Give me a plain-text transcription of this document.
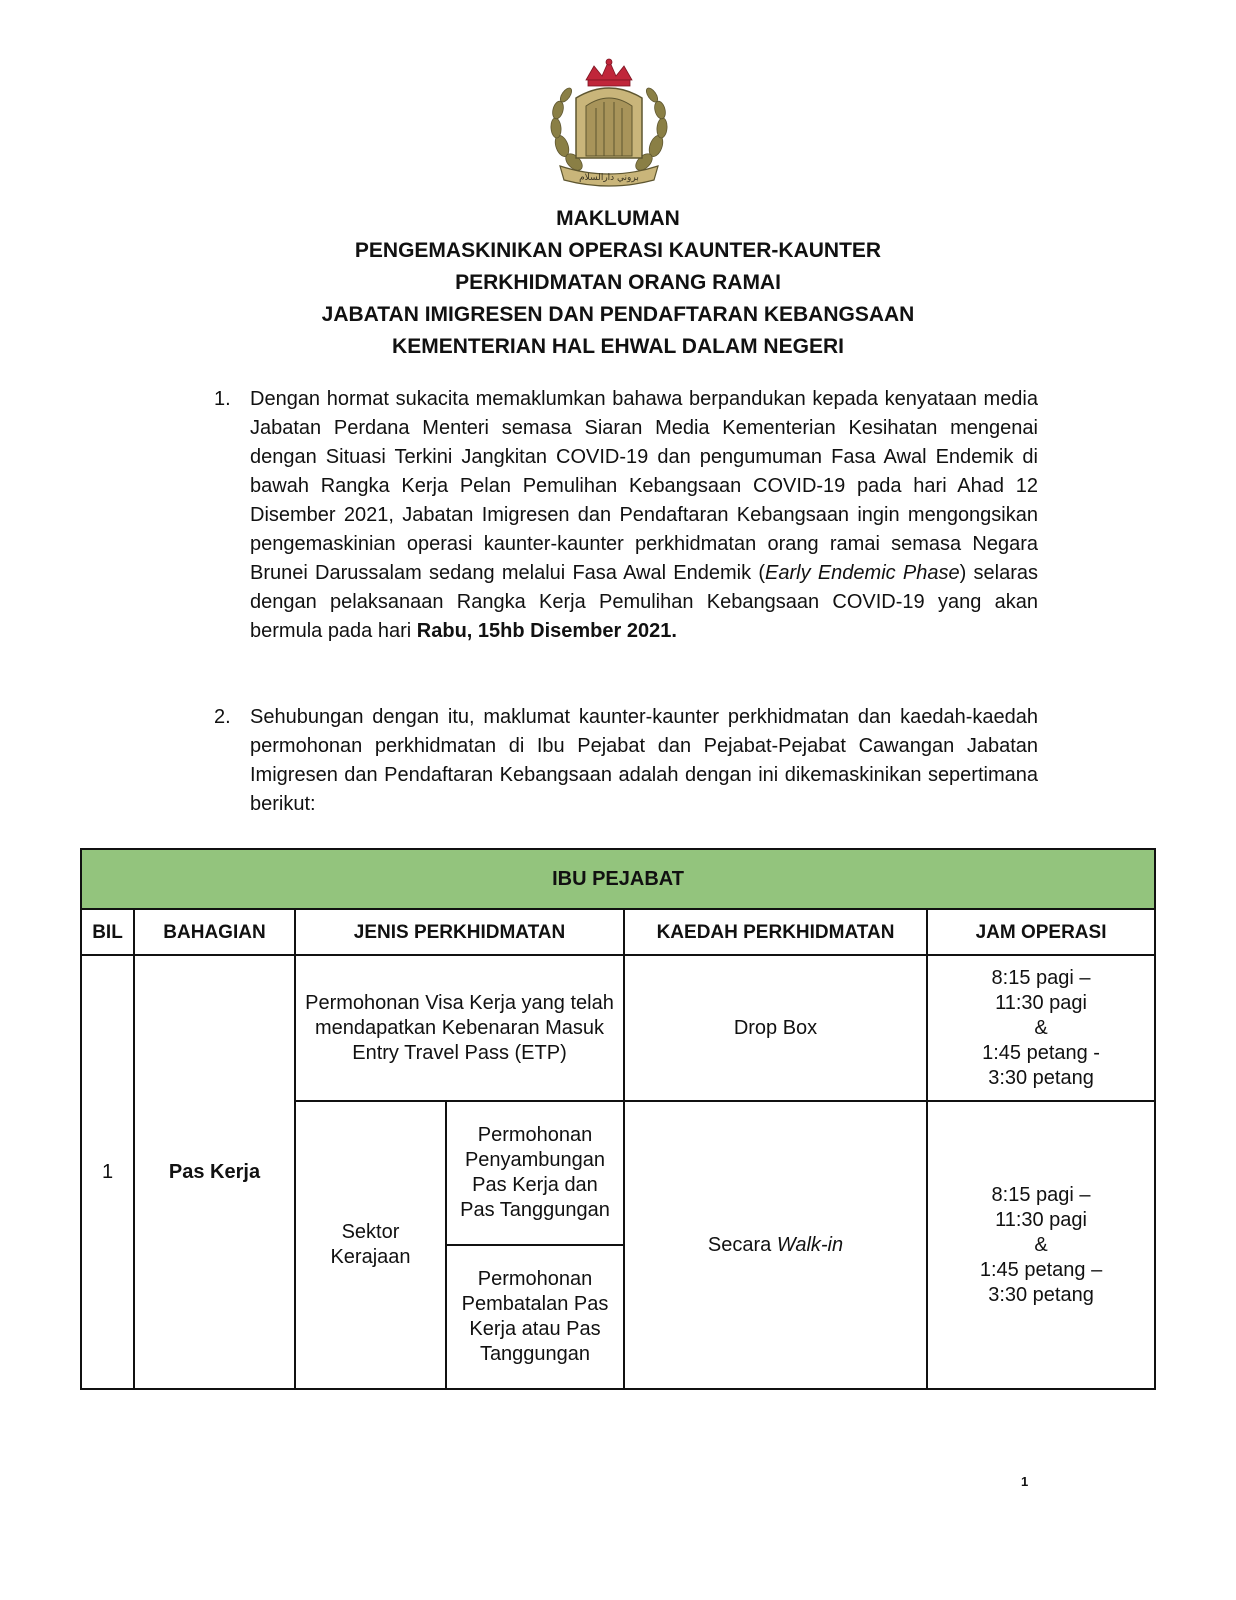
بروني دارالسلام
MAKLUMAN
PENGEMASKINIKAN OPERASI KAUNTER-KAUNTER
PERKHIDMATAN ORANG RAMAI
JABATAN IMIGRESEN DAN PENDAFTARAN KEBANGSAAN
KEMENTERIAN HAL EHWAL DALAM NEGERI
1. Dengan hormat sukacita memaklumkan bahawa berpandukan kepada kenyataan media Jabatan Perdana Menteri semasa Siaran Media Kementerian Kesihatan mengenai dengan Situasi Terkini Jangkitan COVID-19 dan pengumuman Fasa Awal Endemik di bawah Rangka Kerja Pelan Pemulihan Kebangsaan COVID-19 pada hari Ahad 12 Disember 2021, Jabatan Imigresen dan Pendaftaran Kebangsaan ingin mengongsikan pengemaskinian operasi kaunter-kaunter perkhidmatan orang ramai semasa Negara Brunei Darussalam sedang melalui Fasa Awal Endemik (Early Endemic Phase) selaras dengan pelaksanaan Rangka Kerja Pemulihan Kebangsaan COVID-19 yang akan bermula pada hari Rabu, 15hb Disember 2021.
2. Sehubungan dengan itu, maklumat kaunter-kaunter perkhidmatan dan kaedah-kaedah permohonan perkhidmatan di Ibu Pejabat dan Pejabat-Pejabat Cawangan Jabatan Imigresen dan Pendaftaran Kebangsaan adalah dengan ini dikemaskinikan sepertimana berikut:
IBU PEJABAT					
BIL	BAHAGIAN	JENIS PERKHIDMATAN		KAEDAH PERKHIDMATAN	JAM OPERASI
1	Pas Kerja	Permohonan Visa Kerja yang telah mendapatkan Kebenaran Masuk Entry Travel Pass (ETP)		Drop Box	8:15 pagi –
11:30 pagi
&
1:45 petang -
3:30 petang

		Sektor Kerajaan	Permohonan Penyambungan Pas Kerja dan Pas Tanggungan	Secara Walk-in	8:15 pagi –
11:30 pagi
&
1:45 petang –
3:30 petang

			Permohonan Pembatalan Pas Kerja atau Pas Tanggungan		
1
